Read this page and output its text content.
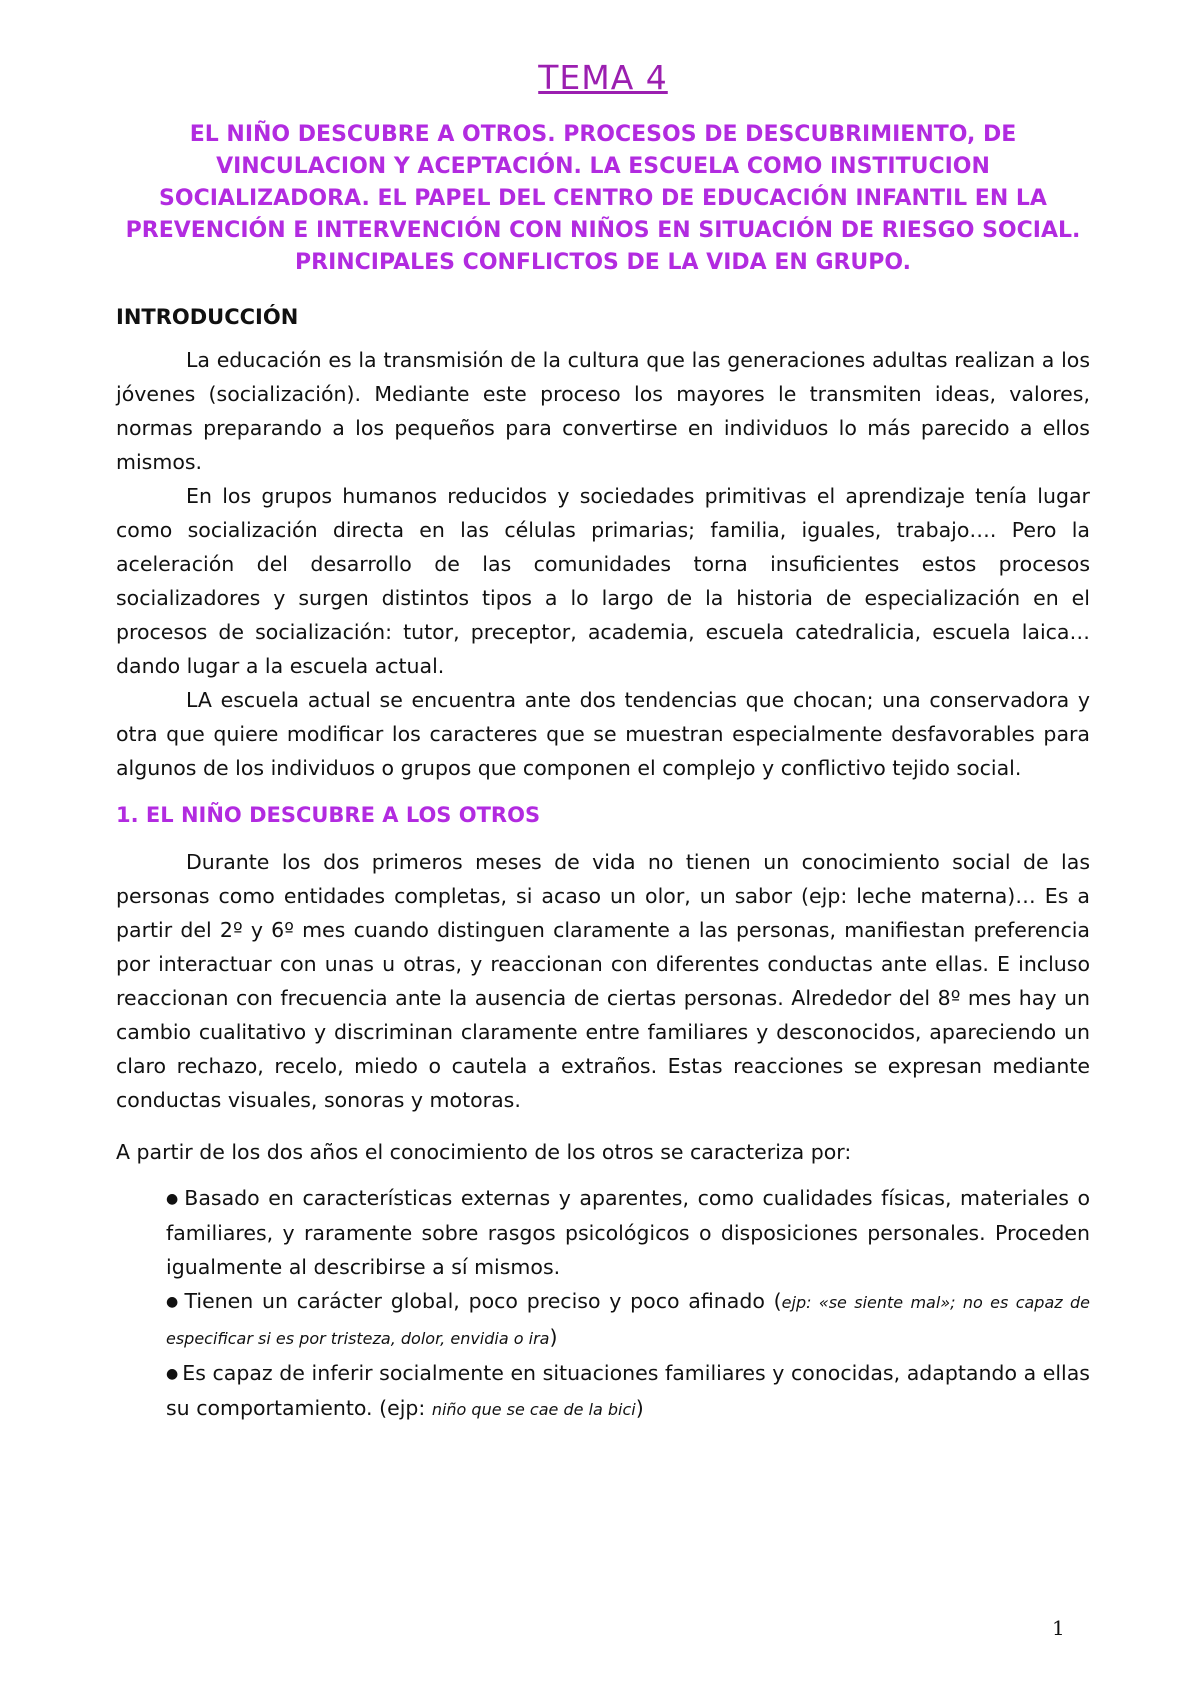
TEMA 4
EL NIÑO DESCUBRE A OTROS. PROCESOS DE DESCUBRIMIENTO, DE VINCULACION Y ACEPTACIÓN. LA ESCUELA COMO INSTITUCION SOCIALIZADORA. EL PAPEL DEL CENTRO DE EDUCACIÓN INFANTIL EN LA PREVENCIÓN E INTERVENCIÓN CON NIÑOS EN SITUACIÓN DE RIESGO SOCIAL. PRINCIPALES CONFLICTOS DE LA VIDA EN GRUPO.
INTRODUCCIÓN

La educación es la transmisión de la cultura que las generaciones adultas realizan a los jóvenes (socialización). Mediante este proceso los mayores le transmiten ideas, valores, normas preparando a los pequeños para convertirse en individuos lo más parecido a ellos mismos.

En los grupos humanos reducidos y sociedades primitivas el aprendizaje tenía lugar como socialización directa en las células primarias; familia, iguales, trabajo…. Pero la aceleración del desarrollo de las comunidades torna insuficientes estos procesos socializadores y surgen distintos tipos a lo largo de la historia de especialización en el procesos de socialización: tutor, preceptor, academia, escuela catedralicia, escuela laica… dando lugar a la escuela actual.

LA escuela actual se encuentra ante dos tendencias que chocan; una conservadora y otra que quiere modificar los caracteres que se muestran especialmente desfavorables para algunos de los individuos o grupos que componen el complejo y conflictivo tejido social.

1. EL NIÑO DESCUBRE A LOS OTROS

Durante los dos primeros meses de vida no tienen un conocimiento social de las personas como entidades completas, si acaso un olor, un sabor (ejp: leche materna)… Es a partir del 2º y 6º mes cuando distinguen claramente a las personas, manifiestan preferencia por interactuar con unas u otras, y reaccionan con diferentes conductas ante ellas. E incluso reaccionan con frecuencia ante la ausencia de ciertas personas. Alrededor del 8º mes hay un cambio cualitativo y discriminan claramente entre familiares y desconocidos, apareciendo un claro rechazo, recelo, miedo o cautela a extraños. Estas reacciones se expresan mediante conductas visuales, sonoras y motoras.

A partir de los dos años el conocimiento de los otros se caracteriza por:

● Basado en características externas y aparentes, como cualidades físicas, materiales o familiares, y raramente sobre rasgos psicológicos o disposiciones personales. Proceden igualmente al describirse a sí mismos.
● Tienen un carácter global, poco preciso y poco afinado (ejp: «se siente mal»; no es capaz de especificar si es por tristeza, dolor, envidia o ira)
● Es capaz de inferir socialmente en situaciones familiares y conocidas, adaptando a ellas su comportamiento. (ejp: niño que se cae de la bici)
1
